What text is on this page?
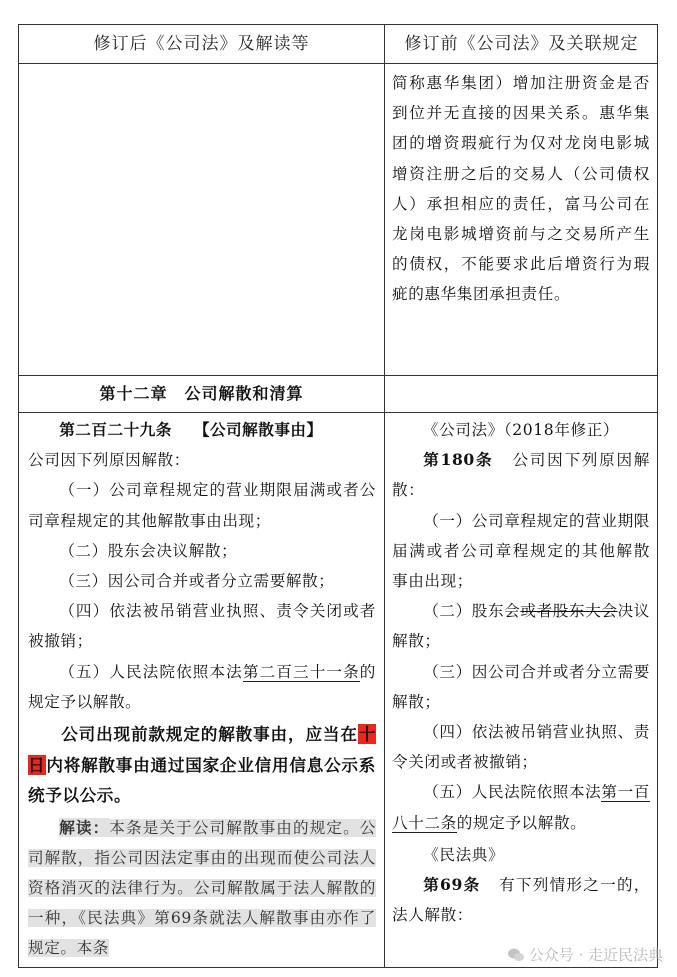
修订后《公司法》及解读等	修订前《公司法》及关联规定

简称惠华集团）增加注册资金是否到位并无直接的因果关系。惠华集团的增资瑕疵行为仅对龙岗电影城增资注册之后的交易人（公司债权人）承担相应的责任，富马公司在龙岗电影城增资前与之交易所产生的债权，不能要求此后增资行为瑕疵的惠华集团承担责任。

第十二章　公司解散和清算

第二百二十九条 【公司解散事由】

公司因下列原因解散：

（一）公司章程规定的营业期限届满或者公司章程规定的其他解散事由出现；

（二）股东会决议解散；

（三）因公司合并或者分立需要解散；

（四）依法被吊销营业执照、责令关闭或者被撤销；

（五）人民法院依照本法第二百三十一条的规定予以解散。

公司出现前款规定的解散事由，应当在十日内将解散事由通过国家企业信用信息公示系统予以公示。

解读：本条是关于公司解散事由的规定。公司解散，指公司因法定事由的出现而使公司法人资格消灭的法律行为。公司解散属于法人解散的一种，《民法典》第69条就法人解散事由亦作了规定。本条

《公司法》（2018年修正）

第180条 公司因下列原因解散：

（一）公司章程规定的营业期限届满或者公司章程规定的其他解散事由出现；

（二）股东会或者股东大会决议解散；

（三）因公司合并或者分立需要解散；

（四）依法被吊销营业执照、责令关闭或者被撤销；

（五）人民法院依照本法第一百八十二条的规定予以解散。

《民法典》

第69条 有下列情形之一的，法人解散：

公众号 · 走近民法典
